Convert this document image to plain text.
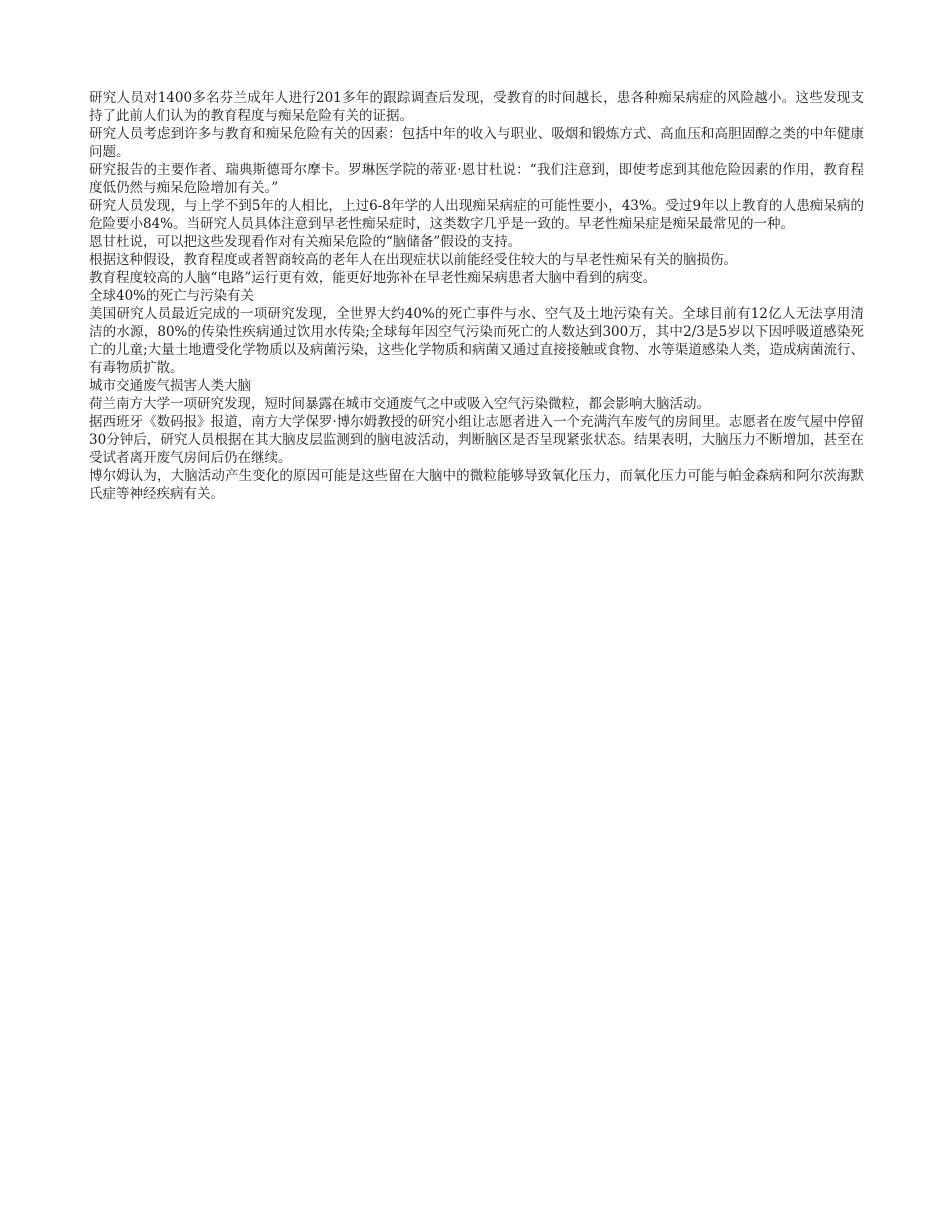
研究人员对1400多名芬兰成年人进行201多年的跟踪调查后发现，受教育的时间越长，患各种痴呆病症的风险越小。这些发现支持了此前人们认为的教育程度与痴呆危险有关的证据。

研究人员考虑到许多与教育和痴呆危险有关的因素：包括中年的收入与职业、吸烟和锻炼方式、高血压和高胆固醇之类的中年健康问题。

研究报告的主要作者、瑞典斯德哥尔摩卡。罗琳医学院的蒂亚·恩甘杜说：“我们注意到，即使考虑到其他危险因素的作用，教育程度低仍然与痴呆危险增加有关。”

研究人员发现，与上学不到5年的人相比，上过6-8年学的人出现痴呆病症的可能性要小，43%。受过9年以上教育的人患痴呆病的危险要小84%。当研究人员具体注意到早老性痴呆症时，这类数字几乎是一致的。早老性痴呆症是痴呆最常见的一种。

恩甘杜说，可以把这些发现看作对有关痴呆危险的“脑储备”假设的支持。

根据这种假设，教育程度或者智商较高的老年人在出现症状以前能经受住较大的与早老性痴呆有关的脑损伤。

教育程度较高的人脑“电路”运行更有效，能更好地弥补在早老性痴呆病患者大脑中看到的病变。

全球40%的死亡与污染有关

美国研究人员最近完成的一项研究发现，全世界大约40%的死亡事件与水、空气及土地污染有关。全球目前有12亿人无法享用清洁的水源，80%的传染性疾病通过饮用水传染;全球每年因空气污染而死亡的人数达到300万，其中2/3是5岁以下因呼吸道感染死亡的儿童;大量土地遭受化学物质以及病菌污染，这些化学物质和病菌又通过直接接触或食物、水等渠道感染人类，造成病菌流行、有毒物质扩散。

城市交通废气损害人类大脑

荷兰南方大学一项研究发现，短时间暴露在城市交通废气之中或吸入空气污染微粒，都会影响大脑活动。

据西班牙《数码报》报道，南方大学保罗·博尔姆教授的研究小组让志愿者进入一个充满汽车废气的房间里。志愿者在废气屋中停留30分钟后，研究人员根据在其大脑皮层监测到的脑电波活动，判断脑区是否呈现紧张状态。结果表明，大脑压力不断增加，甚至在受试者离开废气房间后仍在继续。

博尔姆认为，大脑活动产生变化的原因可能是这些留在大脑中的微粒能够导致氧化压力，而氧化压力可能与帕金森病和阿尔茨海默氏症等神经疾病有关。
